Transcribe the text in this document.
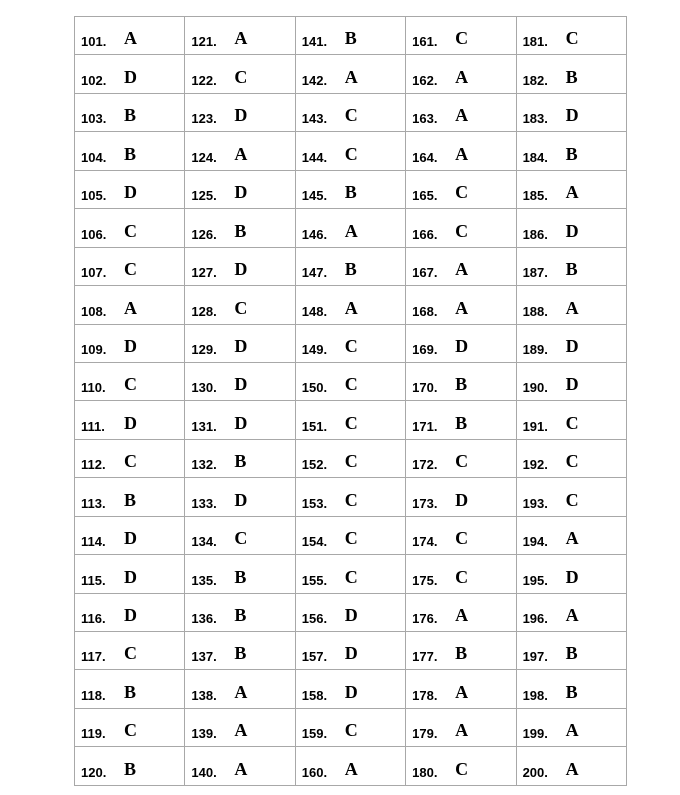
101. A	121. A	141. B	161. C	181. C

102. D	122. C	142. A	162. A	182. B

103. B	123. D	143. C	163. A	183. D

104. B	124. A	144. C	164. A	184. B

105. D	125. D	145. B	165. C	185. A

106. C	126. B	146. A	166. C	186. D

107. C	127. D	147. B	167. A	187. B

108. A	128. C	148. A	168. A	188. A

109. D	129. D	149. C	169. D	189. D

110. C	130. D	150. C	170. B	190. D

111. D	131. D	151. C	171. B	191. C

112. C	132. B	152. C	172. C	192. C

113. B	133. D	153. C	173. D	193. C

114. D	134. C	154. C	174. C	194. A

115. D	135. B	155. C	175. C	195. D

116. D	136. B	156. D	176. A	196. A

117. C	137. B	157. D	177. B	197. B

118. B	138. A	158. D	178. A	198. B

119. C	139. A	159. C	179. A	199. A

120. B	140. A	160. A	180. C	200. A
